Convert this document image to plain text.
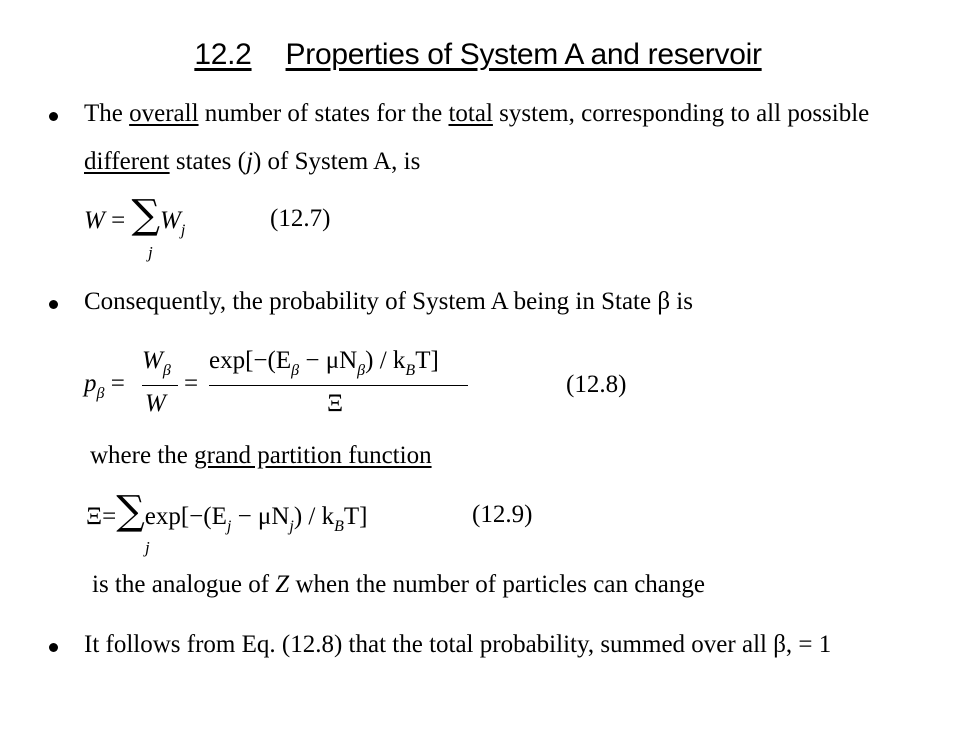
12.2 Properties of System A and reservoir
The overall number of states for the total system, corresponding to all possible
different states (j) of System A, is
$W = \sum W_j$
j
(12.7)
Consequently, the probability of System A being in State β is
$p_\beta$ =
$W_\beta$
W
=
$\exp[-(E_\beta - \mu N_\beta) / k_BT]$
Ξ
(12.8)
where the grand partition function
$\Xi=\sum\exp[-(E_j - \mu N_j) / k_BT]$
j
(12.9)
is the analogue of Z when the number of particles can change
It follows from Eq. (12.8) that the total probability, summed over all β, = 1
